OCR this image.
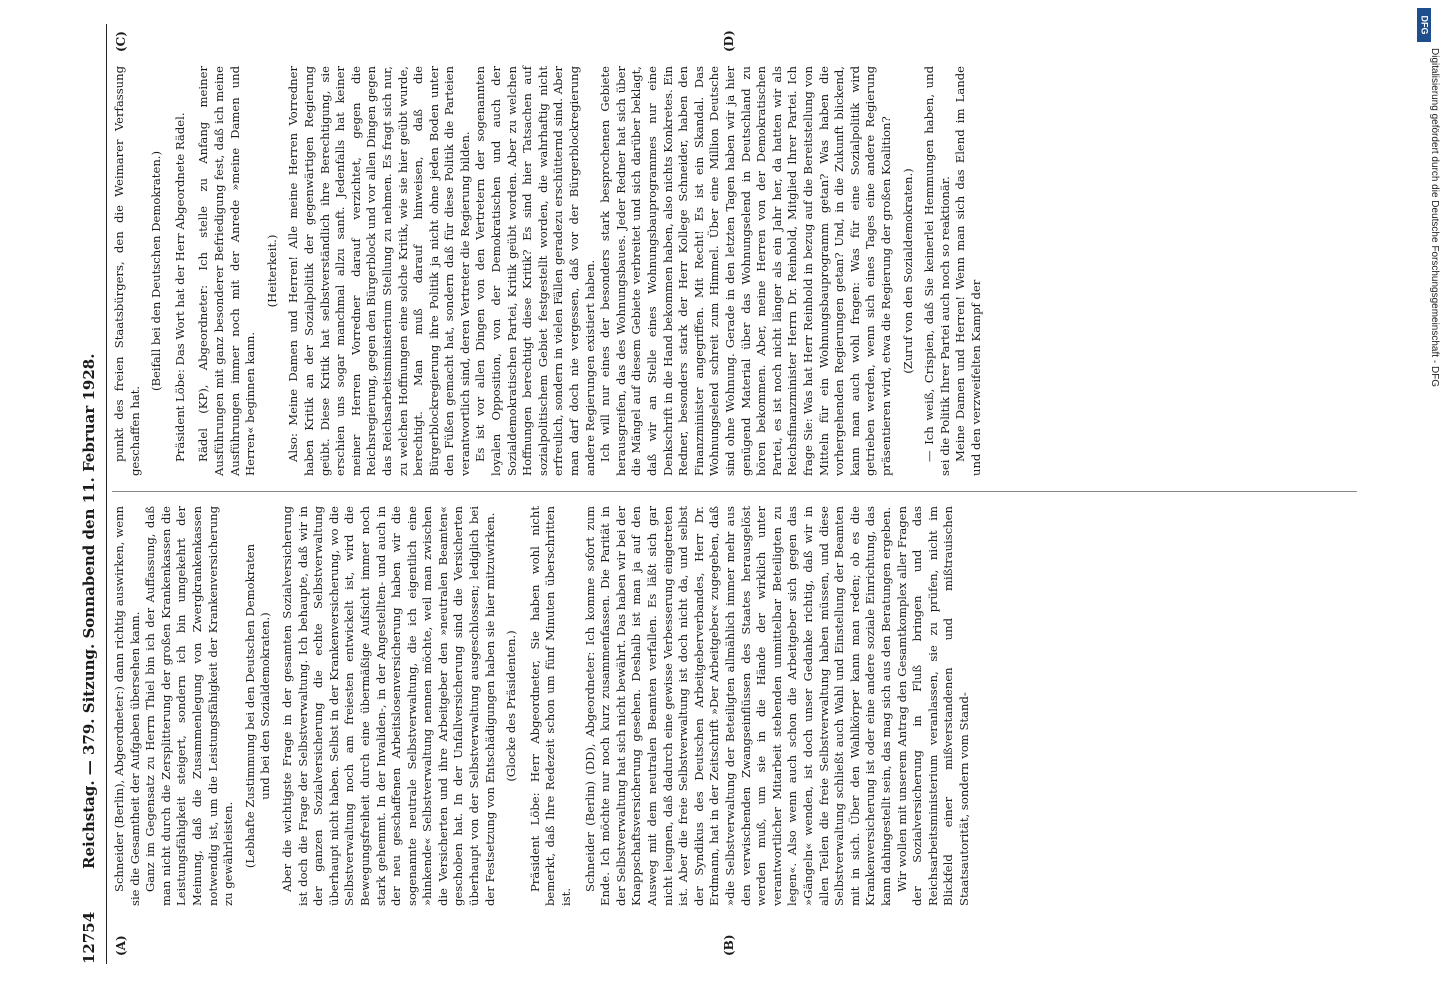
12754
Reichstag. — 379. Sitzung. Sonnabend den 11. Februar 1928.
(A)	(B)
(C)	(D)

Schneider (Berlin), Abgeordneter:) dann richtig auswirken, wenn sie die Gesamtheit der Aufgaben übersehen kann. Ganz im Gegensatz zu Herrn Thiel bin ich der Auffassung, daß man nicht durch die Zersplitterung der großen Krankenkassen die Leistungsfähigkeit steigert, sondern ich bin umgekehrt der Meinung, daß die Zusammenlegung von Zwergkrankenkassen notwendig ist, um die Leistungsfähigkeit der Krankenversicherung zu gewährleisten. (Lebhafte Zustimmung bei den Deutschen Demokraten und bei den Sozialdemokraten.) Aber die wichtigste Frage in der gesamten Sozialversicherung ist doch die Frage der Selbstverwaltung. Ich behaupte, daß wir in der ganzen Sozialversicherung die echte Selbstverwaltung überhaupt nicht haben. Selbst in der Krankenversicherung, wo die Selbstverwaltung noch am freiesten entwickelt ist, wird die Bewegungsfreiheit durch eine übermäßige Aufsicht immer noch stark gehemmt. In der Invaliden-, in der Angestellten- und auch in der neu geschaffenen Arbeitslosenversicherung haben wir die sogenannte neutrale Selbstverwaltung, die ich eigentlich eine »hinkende« Selbstverwaltung nennen möchte, weil man zwischen die Versicherten und ihre Arbeitgeber den »neutralen Beamten« geschoben hat. In der Unfallversicherung sind die Versicherten überhaupt von der Selbstverwaltung ausgeschlossen; lediglich bei der Festsetzung von Entschädigungen haben sie hier mitzuwirken. (Glocke des Präsidenten.) Präsident Löbe: Herr Abgeordneter, Sie haben wohl nicht bemerkt, daß Ihre Redezeit schon um fünf Minuten überschritten ist.

Schneider (Berlin) (DD), Abgeordneter: Ich komme sofort zum Ende. Ich möchte nur noch kurz zusammenfassen. Die Parität in der Selbstverwaltung hat sich nicht bewährt. Das haben wir bei der Knappschaftsversicherung gesehen. Deshalb ist man ja auf den Ausweg mit dem neutralen Beamten verfallen. Es läßt sich gar nicht leugnen, daß dadurch eine gewisse Verbesserung eingetreten ist. Aber die freie Selbstverwaltung ist doch nicht da, und selbst der Syndikus des Deutschen Arbeitgeberverbandes, Herr Dr. Erdmann, hat in der Zeitschrift »Der Arbeitgeber« zugegeben, daß »die Selbstverwaltung der Beteiligten allmählich immer mehr aus den verwischenden Zwangseinflüssen des Staates herausgelöst werden muß, um sie in die Hände der wirklich unter verantwortlicher Mitarbeit stehenden unmittelbar Beteiligten zu legen«. Also wenn auch schon die Arbeitgeber sich gegen das »Gängeln« wenden, ist doch unser Gedanke richtig, daß wir in allen Teilen die freie Selbstverwaltung haben müssen, und diese Selbstverwaltung schließt auch Wahl und Einstellung der Beamten mit in sich. Über den Wahlkörper kann man reden; ob es die Krankenversicherung ist oder eine andere soziale Einrichtung, das kann dahingestellt sein, das mag sich aus den Beratungen ergeben. Wir wollen mit unserem Antrag den Gesamtkomplex aller Fragen der Sozialversicherung in Fluß bringen und das Reichsarbeitsministerium veranlassen, sie zu prüfen, nicht im Blickfeld einer mißverstandenen und mißtrauischen Staatsautorität, sondern vom Stand-

punkt des freien Staatsbürgers, den die Weimarer Verfassung geschaffen hat.

(Beifall bei den Deutschen Demokraten.) Präsident Löbe: Das Wort hat der Herr Abgeordnete Rädel. Rädel (KP), Abgeordneter: Ich stelle zu Anfang meiner Ausführungen mit ganz besonderer Befriedigung fest, daß ich meine Ausführungen immer noch mit der Anrede »meine Damen und Herren« beginnen kann.

(Heiterkeit.) Also: Meine Damen und Herren! Alle meine Herren Vorredner haben Kritik an der Sozialpolitik der gegenwärtigen Regierung geübt. Diese Kritik hat selbstverständlich ihre Berechtigung, sie erschien uns sogar manchmal allzu sanft. Jedenfalls hat keiner meiner Herren Vorredner darauf verzichtet, gegen die Reichsregierung, gegen den Bürgerblock und vor allen Dingen gegen das Reichsarbeitsministerium Stellung zu nehmen. Es fragt sich nur, zu welchen Hoffnungen eine solche Kritik, wie sie hier geübt wurde, berechtigt. Man muß darauf hinweisen, daß die Bürgerblockregierung ihre Politik ja nicht ohne jeden Boden unter den Füßen gemacht hat, sondern daß für diese Politik die Parteien verantwortlich sind, deren Vertreter die Regierung bilden. Es ist vor allen Dingen von den Vertretern der sogenannten loyalen Opposition, von der Demokratischen und auch der Sozialdemokratischen Partei, Kritik geübt worden. Aber zu welchen Hoffnungen berechtigt diese Kritik? Es sind hier Tatsachen auf sozialpolitischem Gebiet festgestellt worden, die wahrhaftig nicht erfreulich, sondern in vielen Fällen geradezu erschütternd sind. Aber man darf doch nie vergessen, daß vor der Bürgerblockregierung andere Regierungen existiert haben. Ich will nur eines der besonders stark besprochenen Gebiete herausgreifen, das des Wohnungsbaues. Jeder Redner hat sich über die Mängel auf diesem Gebiete verbreitet und sich darüber beklagt, daß wir an Stelle eines Wohnungsbauprogrammes nur eine Denkschrift in die Hand bekommen haben, also nichts Konkretes. Ein Redner, besonders stark der Herr Kollege Schneider, haben den Finanzminister angegriffen. Mit Recht! Es ist ein Skandal. Das Wohnungselend schreit zum Himmel. Über eine Million Deutsche sind ohne Wohnung. Gerade in den letzten Tagen haben wir ja hier genügend Material über das Wohnungselend in Deutschland zu hören bekommen. Aber, meine Herren von der Demokratischen Partei, es ist noch nicht länger als ein Jahr her, da hatten wir als Reichsfinanzminister Herrn Dr. Reinhold, Mitglied Ihrer Partei. Ich frage Sie: Was hat Herr Reinhold in bezug auf die Bereitstellung von Mitteln für ein Wohnungsbauprogramm getan? Was haben die vorhergehenden Regierungen getan? Und, in die Zukunft blickend, kann man auch wohl fragen: Was für eine Sozialpolitik wird getrieben werden, wenn sich eines Tages eine andere Regierung präsentieren wird, etwa die Regierung der großen Koalition? (Zuruf von den Sozialdemokraten.) — Ich weiß, Crispien, daß Sie keinerlei Hemmungen haben, und sei die Politik Ihrer Partei auch noch so reaktionär. Meine Damen und Herren! Wenn man sich das Elend im Lande und den verzweifelten Kampf der

DFG
Digitalisierung gefördert durch die Deutsche Forschungsgemeinschaft - DFG
